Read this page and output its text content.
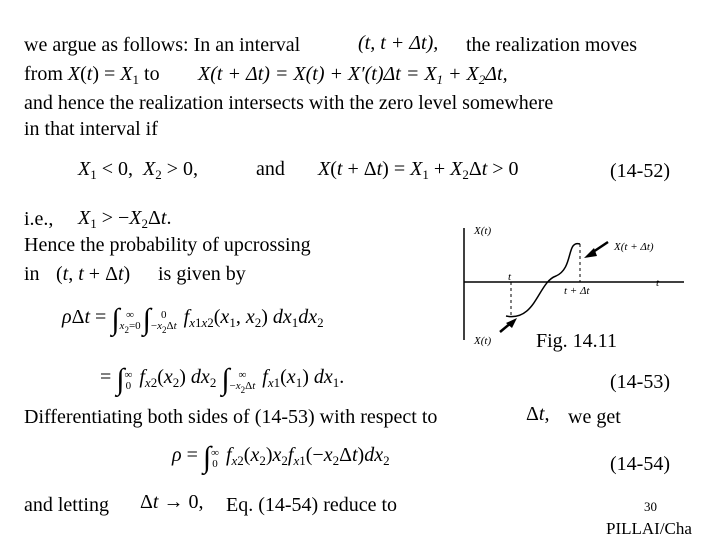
we argue as follows: In an interval	(t, t + Δt), the realization moves
from $X(t) = X_1$ to $X(t + \Delta t) = X(t) + X'(t)\Delta t = X_1 + X_2\Delta t$,
and hence the realization intersects with the zero level somewhere
in that interval if
$X_1 < 0$,  $X_2 > 0$,	and $X(t + \Delta t) = X_1 + X_2\Delta t > 0$	(14-52)
i.e., $X_1 > -X_2\Delta t$.
Hence the probability of upcrossing
in (t, t + Δt) is given by
ρΔt = ∫ ∞
$x_2=0\int$ 0
$-x_2\Delta t$ $f_{x1x2}(x_1$, $x_2$) $dx_1dx_2$
= ∫∞
0 $f_{x2}(x_2)$ $dx_2$ ∫ ∞
$-x_2\Delta t$ $f_{x1}(x_1)$ $dx_1$.	(14-53)
Differentiating both sides of (14-53) with respect to	Δt, we get
ρ = ∫∞
0 $f_{x2}(x_2)x_2f_{x1}(-x_2\Delta t)dx_2$	(14-54)
and letting Δt → 0, Eq. (14-54) reduce to	30
PILLAI/Cha
X(t)
X(t)
t
t + Δt
t
X(t + Δt)
Fig. 14.11
